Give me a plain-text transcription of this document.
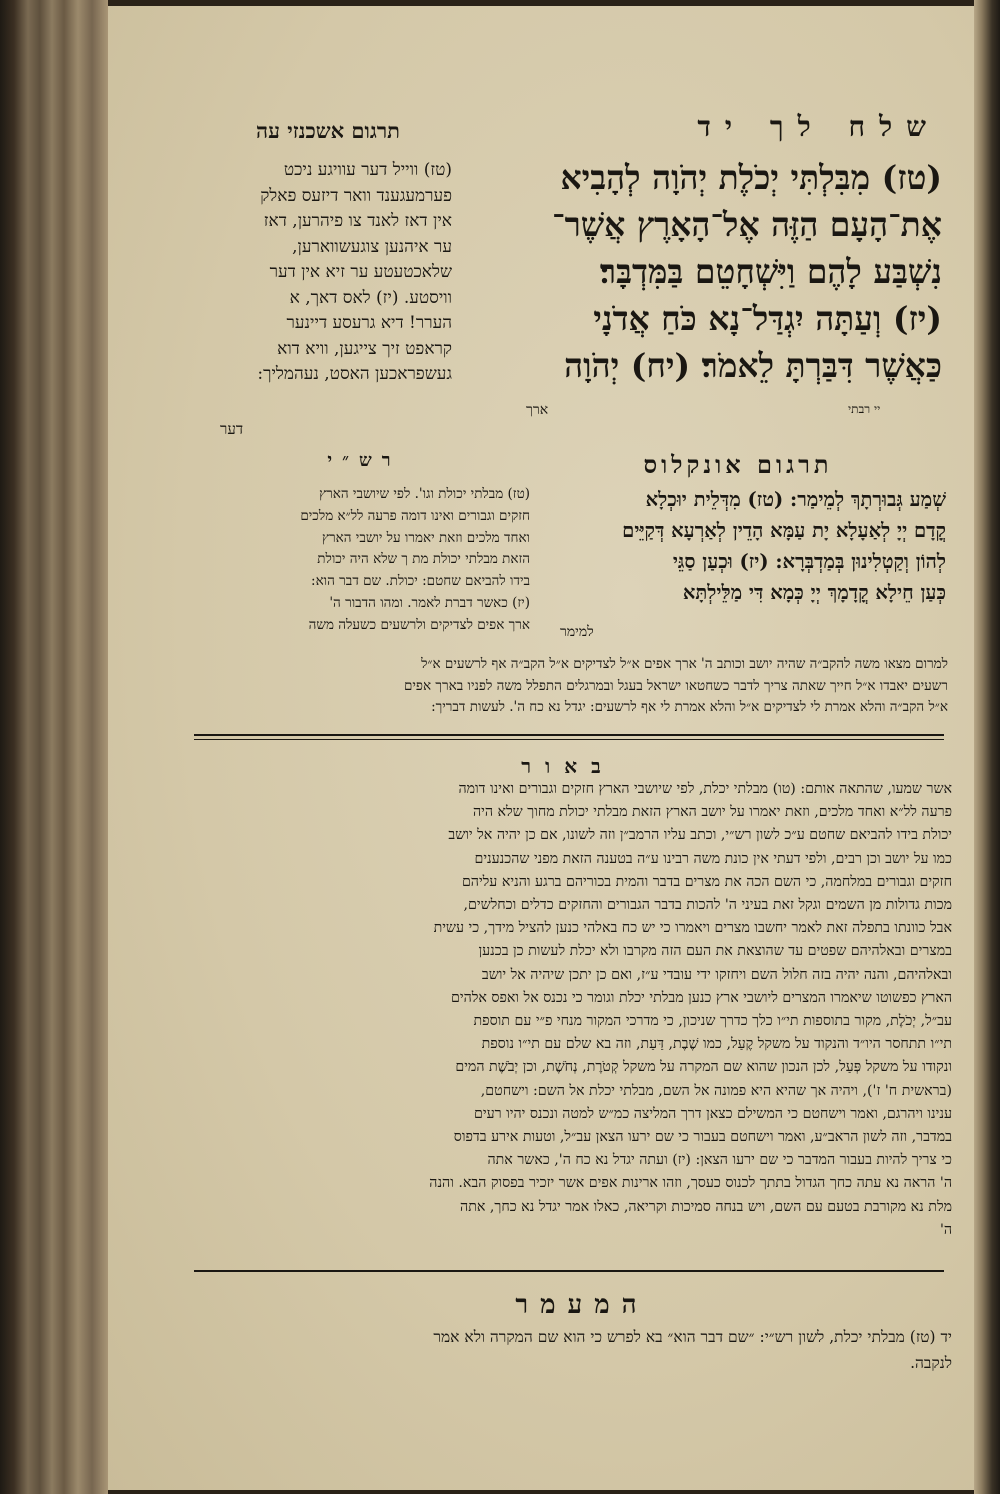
שלח לך יד
(טז) מִבִּלְתִּי יְכֹלֶת יְהֹוָה לְהָבִיא
אֶת־הָעָם הַזֶּה אֶל־הָאָרֶץ אֲשֶׁר־
נִשְׁבַּע לָהֶם וַיִּשְׁחָטֵם בַּמִּדְבָּר׃
(יז) וְעַתָּה יִגְדַּל־נָא כֹּחַ אֲדֹנָי
כַּאֲשֶׁר דִּבַּרְתָּ לֵאמֹר׃ (יח) יְהֹוָה
יי רבתי
ארך
תרגום אשכנזי עה
(טז) ווייל דער עוויגע ניכט
פערמעגענד וואר דיזעס פאלק
אין דאז לאנד צו פיהרען, דאז
ער איהנען צוגעשווארען,
שלאכטעטע ער זיא אין דער
וויסטע. (יז) לאס דאך, א
הערר! דיא גרעסע דיינער
קראפט זיך צייגען, וויא דוא
געשפראכען האסט, נעהמליך:
דער
תרגום אונקלוס
שְׁמַע גְּבוּרְתָךְ לְמֵימַר: (טז) מִדְּלֵית יוּכְלָא
קֳדָם יְיָ לְאַעָלָא יָת עַמָּא הָדֵין לְאַרְעָא דְּקַיֵּים
לְהוֹן וְקַטְלִינוּן בְּמַדְבְּרָא: (יז) וּכְעַן סַגֵּי
כְּעַן חֵילָא קֳדָמָךְ יְיָ כְּמָא דִּי מַלֵּילְתָּא
למימר
רש״י
(טז) מבלתי יכולת וגו'. לפי שיושבי הארץ
חזקים וגבורים ואינו דומה פרעה לל״א מלכים
ואחד מלכים וזאת יאמרו על יושבי הארץ
הזאת מבלתי יכולת מת ך שלא היה יכולת
בידו להביאם שחטם: יכולת. שם דבר הוא:
(יז) כאשר דברת לאמר. ומהו הדבור ה'
ארך אפים לצדיקים ולרשעים כשעלה משה
למרום מצאו משה להקב״ה שהיה יושב וכותב ה' ארך אפים א״ל לצדיקים א״ל הקב״ה אף לרשעים א״ל
רשעים יאבדו א״ל חייך שאתה צריך לדבר כשחטאו ישראל בעגל ובמרגלים התפלל משה לפניו בארך אפים
א״ל הקב״ה והלא אמרת לי לצדיקים א״ל והלא אמרת לי אף לרשעים: יגדל נא כח ה'. לעשות דבריך:
באור
אשר שמעו, שהתאה אותם: (טו) מבלתי יכלת, לפי שיושבי הארץ חזקים וגבורים ואינו דומה
פרעה לל״א ואחד מלכים, וזאת יאמרו על יושב הארץ הזאת מבלתי יכולת מחוך שלא היה
יכולת בידו להביאם שחטם ע״כ לשון רש״י, וכתב עליו הרמב״ן וזה לשונו, אם כן יהיה אל יושב
כמו על יושב וכן רבים, ולפי דעתי אין כונת משה רבינו ע״ה בטענה הזאת מפני שהכנענים
חזקים וגבורים במלחמה, כי השם הכה את מצרים בדבר והמית בכוריהם ברגע והניא עליהם
מכות גדולות מן השמים וגקל זאת בעיני ה' להכות בדבר הגבורים והחזקים כדלים וכחלשים,
אבל כוונתו בתפלה זאת לאמר יחשבו מצרים ויאמרו כי יש כח באלהי כנען להציל מידך, כי עשית
במצרים ובאלהיהם שפטים עד שהוצאת את העם הזה מקרבו ולא יכלת לעשות כן בכנען
ובאלהיהם, והנה יהיה בזה חלול השם ויחזקו ידי עובדי ע״ז, ואם כן יתכן שיהיה אל יושב
הארץ כפשוטו שיאמרו המצרים ליושבי ארץ כנען מבלתי יכלת וגומר כי נכנס אל ואפס אלהים
עב״ל, יְכֹלֶת, מקור בתוספות תי״ו כלך כדרך שניכון, כי מדרכי המקור מנחי פ״י עם תוספת
תי״ו תתחסר היו״ד והנקוד על משקל קֶעַל, כמו שֶׁבֶת, דַּעַת, וזה בא שלם עם תי״ו נוספת
ונקודו על משקל פְּעַל, לכן הנכון שהוא שם המקרה על משקל קְטֹרֶת, נְחֹשֶׁת, וכן יְבֹשֶׁת המים
(בראשית ח' ז'), ויהיה אך שהיא היא פמונה אל השם, מבלתי יכלת אל השם: וישחטם,
ענינו ויהרגם, ואמר וישחטם כי המשילם כצאן דרך המליצה כמ״ש למטה ונכנס יהיו רעים
במדבר, וזה לשון הראב״ע, ואמר וישחטם בעבור כי שם ירעו הצאן עב״ל, וטעות אירע בדפוס
כי צריך להיות בעבור המדבר כי שם ירעו הצאן: (יז) ועתה יגדל נא כח ה', כאשר אתה
ה' הראה נא עתה כחך הגדול בתתך לכנוס כעסך, וזהו ארינות אפים אשר יזכיר בפסוק הבא. והנה
מלת נא מקורבת בטעם עם השם, ויש בנחה סמיכות וקריאה, כאלו אמר יגדל נא כחך, אתה
ה'
המעמר
יד (טז) מבלתי יכלת, לשון רש״י: ״שם דבר הוא״ בא לפרש כי הוא שם המקרה ולא אמר
לנקבה.
